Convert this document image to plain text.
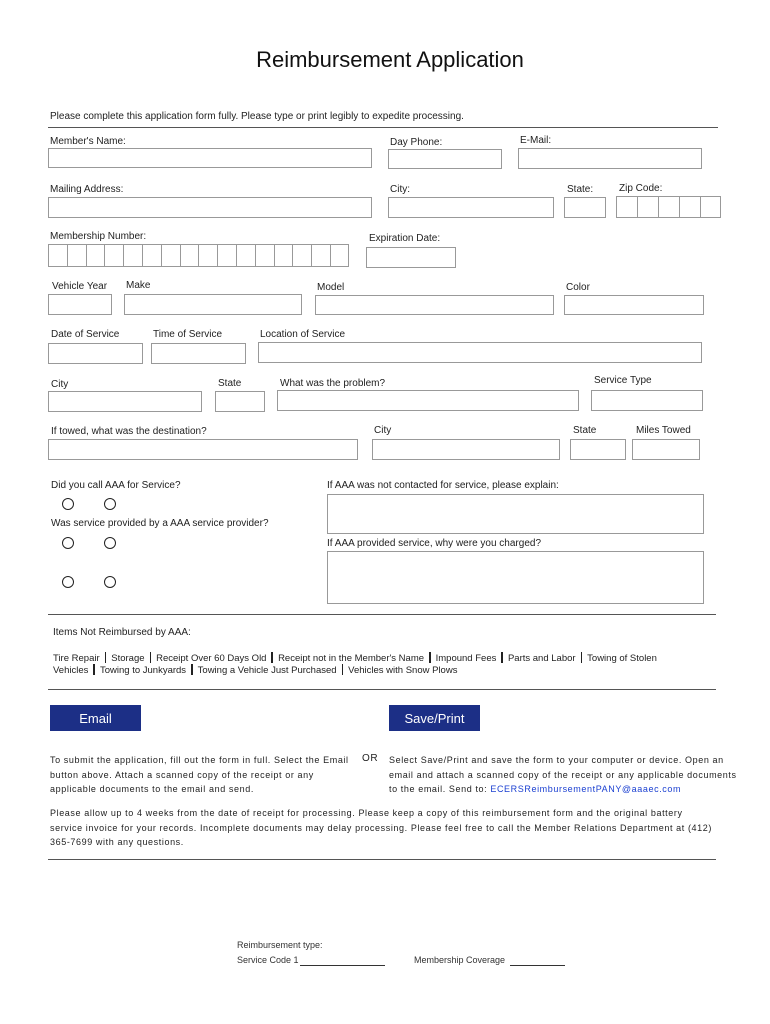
Reimbursement Application
Please complete this application form fully. Please type or print legibly to expedite processing.
Member's Name:	Day Phone:	E-Mail:
Mailing Address:	City:	State:	Zip Code:
Membership Number:	Expiration Date:
Vehicle Year Make	Model	Color
Date of Service	Time of Service	Location of Service
City	State	What was the problem?	Service Type
If towed, what was the destination?	City	State	Miles Towed
Did you call AAA for Service?	If AAA was not contacted for service, please explain:
Was service provided by a AAA service provider?
If AAA provided service, why were you charged?
Items Not Reimbursed by AAA:
Tire Repair Storage Receipt Over 60 Days Old Receipt not in the Member's Name Impound Fees Parts and Labor Towing of Stolen
Vehicles Towing to Junkyards Towing a Vehicle Just Purchased Vehicles with Snow Plows
Email	Save/Print
To submit the application, fill out the form in full. Select the Email button above. Attach a scanned copy of the receipt or any applicable documents to the email and send.
OR Select Save/Print and save the form to your computer or device. Open an email and attach a scanned copy of the receipt or any applicable documents to the email. Send to: ECERSReimbursementPANY@aaaec.com
Please allow up to 4 weeks from the date of receipt for processing. Please keep a copy of this reimbursement form and the original battery service invoice for your records. Incomplete documents may delay processing. Please feel free to call the Member Relations Department at (412) 365-7699 with any questions.
Reimbursement type:
Service Code 1	Membership Coverage
